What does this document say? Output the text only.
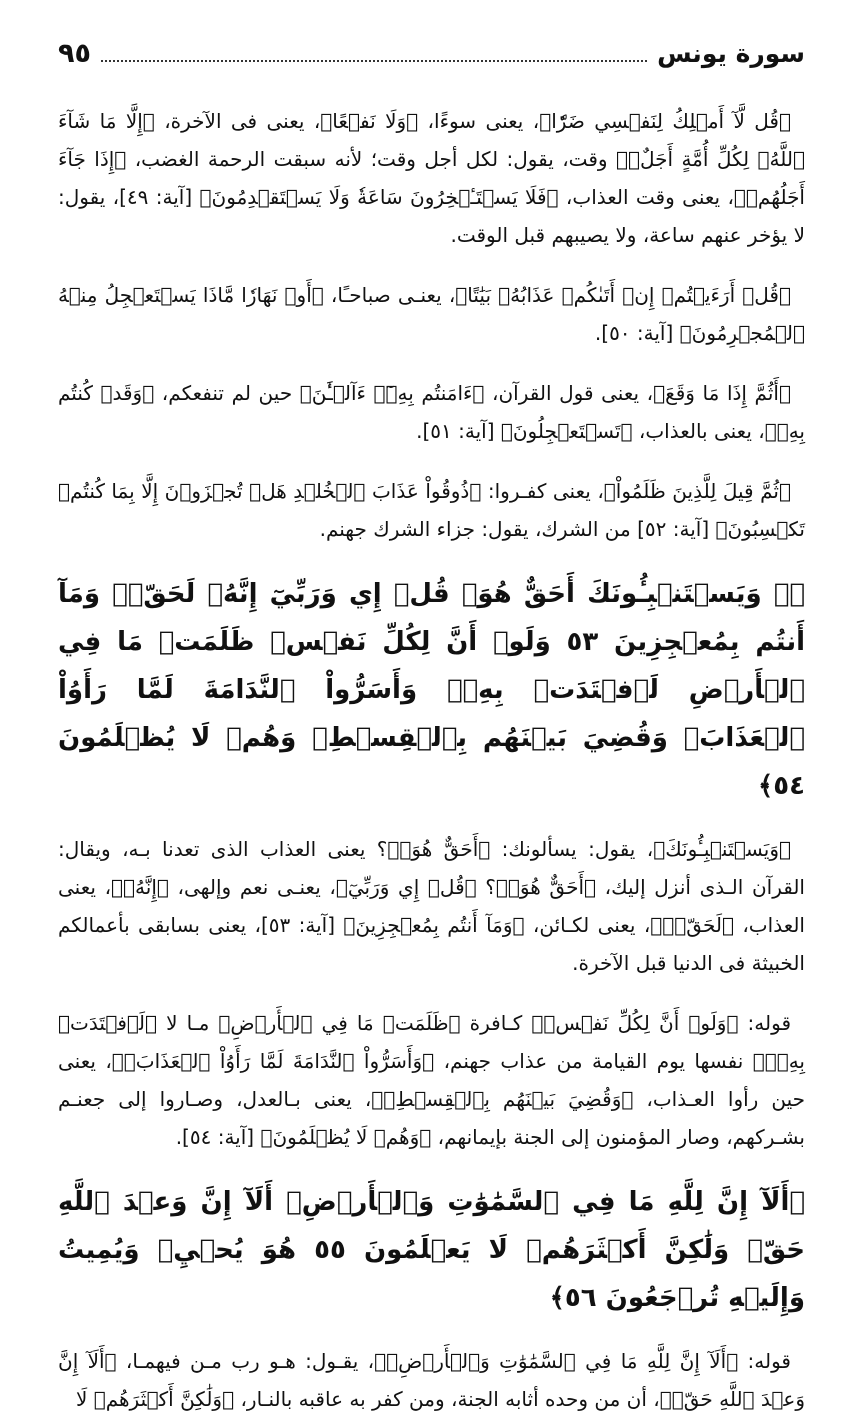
سورة يونس
٩٥

﴿قُل لَّآ أَمۡلِكُ لِنَفۡسِي ضَرّٗا﴾، يعنى سوءًا، ﴿وَلَا نَفۡعًا﴾، يعنى فى الآخرة، ﴿إِلَّا مَا شَآءَ ٱللَّهُۗ لِكُلِّ أُمَّةٍ أَجَلٌۚ﴾ وقت، يقول: لكل أجل وقت؛ لأنه سبقت الرحمة الغضب، ﴿إِذَا جَآءَ أَجَلُهُمۡ﴾، يعنى وقت العذاب، ﴿فَلَا يَسۡتَـٔۡخِرُونَ سَاعَةٗ وَلَا يَسۡتَقۡدِمُونَ﴾ [آية: ٤٩]، يقول: لا يؤخر عنهم ساعة، ولا يصيبهم قبل الوقت.

﴿قُلۡ أَرَءَيۡتُمۡ إِنۡ أَتَىٰكُمۡ عَذَابُهُۥ بَيَٰتًا﴾، يعنـى صباحـًا، ﴿أَوۡ نَهَارٗا مَّاذَا يَسۡتَعۡجِلُ مِنۡهُ ٱلۡمُجۡرِمُونَ﴾ [آية: ٥٠].

﴿أَثُمَّ إِذَا مَا وَقَعَ﴾، يعنى قول القرآن، ﴿ءَامَنتُم بِهِۦٓۚ ءَآلۡـَٰٔنَ﴾ حين لم تنفعكم، ﴿وَقَدۡ كُنتُم بِهِۦ﴾، يعنى بالعذاب، ﴿تَسۡتَعۡجِلُونَ﴾ [آية: ٥١].

﴿ثُمَّ قِيلَ لِلَّذِينَ ظَلَمُواْ﴾، يعنى كفـروا: ﴿ذُوقُواْ عَذَابَ ٱلۡخُلۡدِ هَلۡ تُجۡزَوۡنَ إِلَّا بِمَا كُنتُمۡ تَكۡسِبُونَ﴾ [آية: ٥٢] من الشرك، يقول: جزاء الشرك جهنم.

﴿۞ وَيَسۡتَنۢبِـُٔونَكَ أَحَقٌّ هُوَۖ قُلۡ إِي وَرَبِّيٓ إِنَّهُۥ لَحَقّٞۖ وَمَآ أَنتُم بِمُعۡجِزِينَ ٥٣ وَلَوۡ أَنَّ لِكُلِّ نَفۡسٖ ظَلَمَتۡ مَا فِي ٱلۡأَرۡضِ لَٱفۡتَدَتۡ بِهِۦۗ وَأَسَرُّواْ ٱلنَّدَامَةَ لَمَّا رَأَوُاْ ٱلۡعَذَابَۖ وَقُضِيَ بَيۡنَهُم بِٱلۡقِسۡطِۚ وَهُمۡ لَا يُظۡلَمُونَ ٥٤﴾

﴿وَيَسۡتَنۢبِـُٔونَكَ﴾، يقول: يسألونك: ﴿أَحَقٌّ هُوَۖ﴾؟ يعنى العذاب الذى تعدنا بـه، ويقال: القرآن الـذى أنزل إليك، ﴿أَحَقٌّ هُوَۖ﴾؟ ﴿قُلۡ إِي وَرَبِّيٓ﴾، يعنـى نعم وإلهى، ﴿إِنَّهُۥ﴾، يعنى العذاب، ﴿لَحَقّٞۖ﴾، يعنى لكـائن، ﴿وَمَآ أَنتُم بِمُعۡجِزِينَ﴾ [آية: ٥٣]، يعنى بسابقى بأعمالكم الخبيثة فى الدنيا قبل الآخرة.

قوله: ﴿وَلَوۡ أَنَّ لِكُلِّ نَفۡسٖ﴾ كـافرة ﴿ظَلَمَتۡ مَا فِي ٱلۡأَرۡضِ﴾ مـا لا ﴿لَٱفۡتَدَتۡ بِهِۦۗ﴾ نفسها يوم القيامة من عذاب جهنم، ﴿وَأَسَرُّواْ ٱلنَّدَامَةَ لَمَّا رَأَوُاْ ٱلۡعَذَابَۖ﴾، يعنى حين رأوا العـذاب، ﴿وَقُضِيَ بَيۡنَهُم بِٱلۡقِسۡطِۚ﴾، يعنى بـالعدل، وصـاروا إلى جعنـم بشـركهم، وصار المؤمنون إلى الجنة بإيمانهم، ﴿وَهُمۡ لَا يُظۡلَمُونَ﴾ [آية: ٥٤].

﴿أَلَآ إِنَّ لِلَّهِ مَا فِي ٱلسَّمَٰوَٰتِ وَٱلۡأَرۡضِۗ أَلَآ إِنَّ وَعۡدَ ٱللَّهِ حَقّٞ وَلَٰكِنَّ أَكۡثَرَهُمۡ لَا يَعۡلَمُونَ ٥٥ هُوَ يُحۡيِۦ وَيُمِيتُ وَإِلَيۡهِ تُرۡجَعُونَ ٥٦﴾

قوله: ﴿أَلَآ إِنَّ لِلَّهِ مَا فِي ٱلسَّمَٰوَٰتِ وَٱلۡأَرۡضِۗ﴾، يقـول: هـو رب مـن فيهمـا، ﴿أَلَآ إِنَّ وَعۡدَ ٱللَّهِ حَقّٞ﴾، أن من وحده أثابه الجنة، ومن كفر به عاقبه بالنـار، ﴿وَلَٰكِنَّ أَكۡثَرَهُمۡ لَا
